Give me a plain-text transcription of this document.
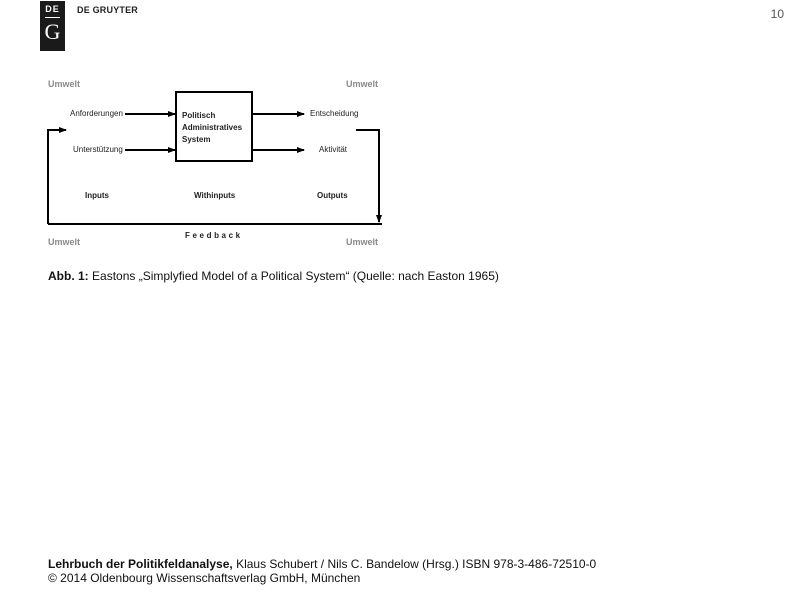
DE
G
DE GRUYTER	10
Umwelt	Umwelt
Umwelt	Umwelt
Anforderungen
Unterstützung
Politisch
Administratives
System
Entscheidung
Aktivität
Inputs	Withinputs	Outputs
Feedback
Abb. 1: Eastons „Simplyfied Model of a Political System“ (Quelle: nach Easton 1965)
Lehrbuch der Politikfeldanalyse, Klaus Schubert / Nils C. Bandelow (Hrsg.) ISBN 978-3-486-72510-0
© 2014 Oldenbourg Wissenschaftsverlag GmbH, München
